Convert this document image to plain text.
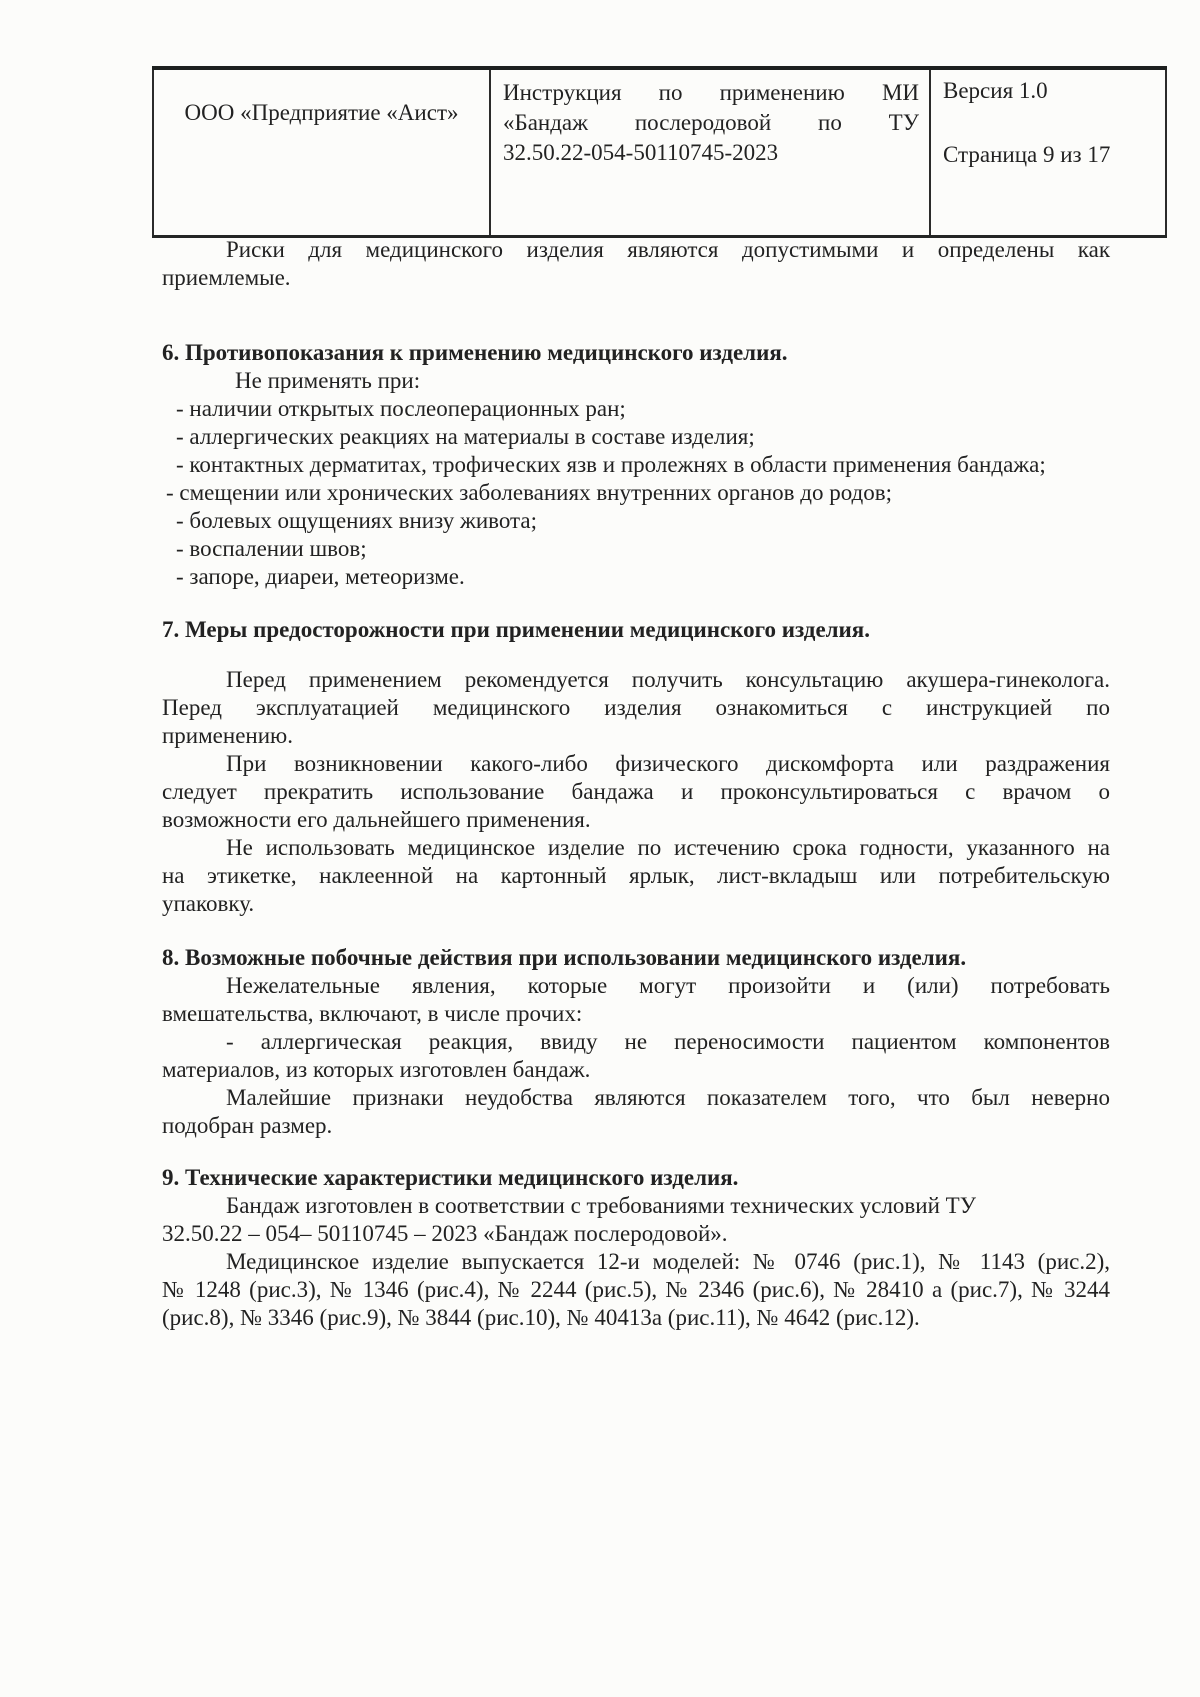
ООО «Предприятие «Аист»

Инструкция по применению МИ
«Бандаж послеродовой по ТУ
32.50.22-054-50110745-2023

Версия 1.0
Страница 9 из 17
Риски для медицинского изделия являются допустимыми и определены как
приемлемые.
6. Противопоказания к применению медицинского изделия.
Не применять при:
- наличии открытых послеоперационных ран;
- аллергических реакциях на материалы в составе изделия;
- контактных дерматитах, трофических язв и пролежнях в области применения бандажа;
- смещении или хронических заболеваниях внутренних органов до родов;
- болевых ощущениях внизу живота;
- воспалении швов;
- запоре, диареи, метеоризме.
7. Меры предосторожности при применении медицинского изделия.
Перед применением рекомендуется получить консультацию акушера-гинеколога.
Перед эксплуатацией медицинского изделия ознакомиться с инструкцией по
применению.
При возникновении какого-либо физического дискомфорта или раздражения
следует прекратить использование бандажа и проконсультироваться с врачом о
возможности его дальнейшего применения.
Не использовать медицинское изделие по истечению срока годности, указанного на
на этикетке, наклеенной на картонный ярлык, лист-вкладыш или потребительскую
упаковку.
8. Возможные побочные действия при использовании медицинского изделия.
Нежелательные явления, которые могут произойти и (или) потребовать
вмешательства, включают, в числе прочих:
- аллергическая реакция, ввиду не переносимости пациентом компонентов
материалов, из которых изготовлен бандаж.
Малейшие признаки неудобства являются показателем того, что был неверно
подобран размер.
9. Технические характеристики медицинского изделия.
Бандаж изготовлен в соответствии с требованиями технических условий ТУ
32.50.22 – 054– 50110745 – 2023 «Бандаж послеродовой».
Медицинское изделие выпускается 12-и моделей: № 0746 (рис.1), № 1143 (рис.2),
№ 1248 (рис.3), № 1346 (рис.4), № 2244 (рис.5), № 2346 (рис.6), № 28410 а (рис.7), № 3244
(рис.8), № 3346 (рис.9), № 3844 (рис.10), № 40413а (рис.11), № 4642 (рис.12).
